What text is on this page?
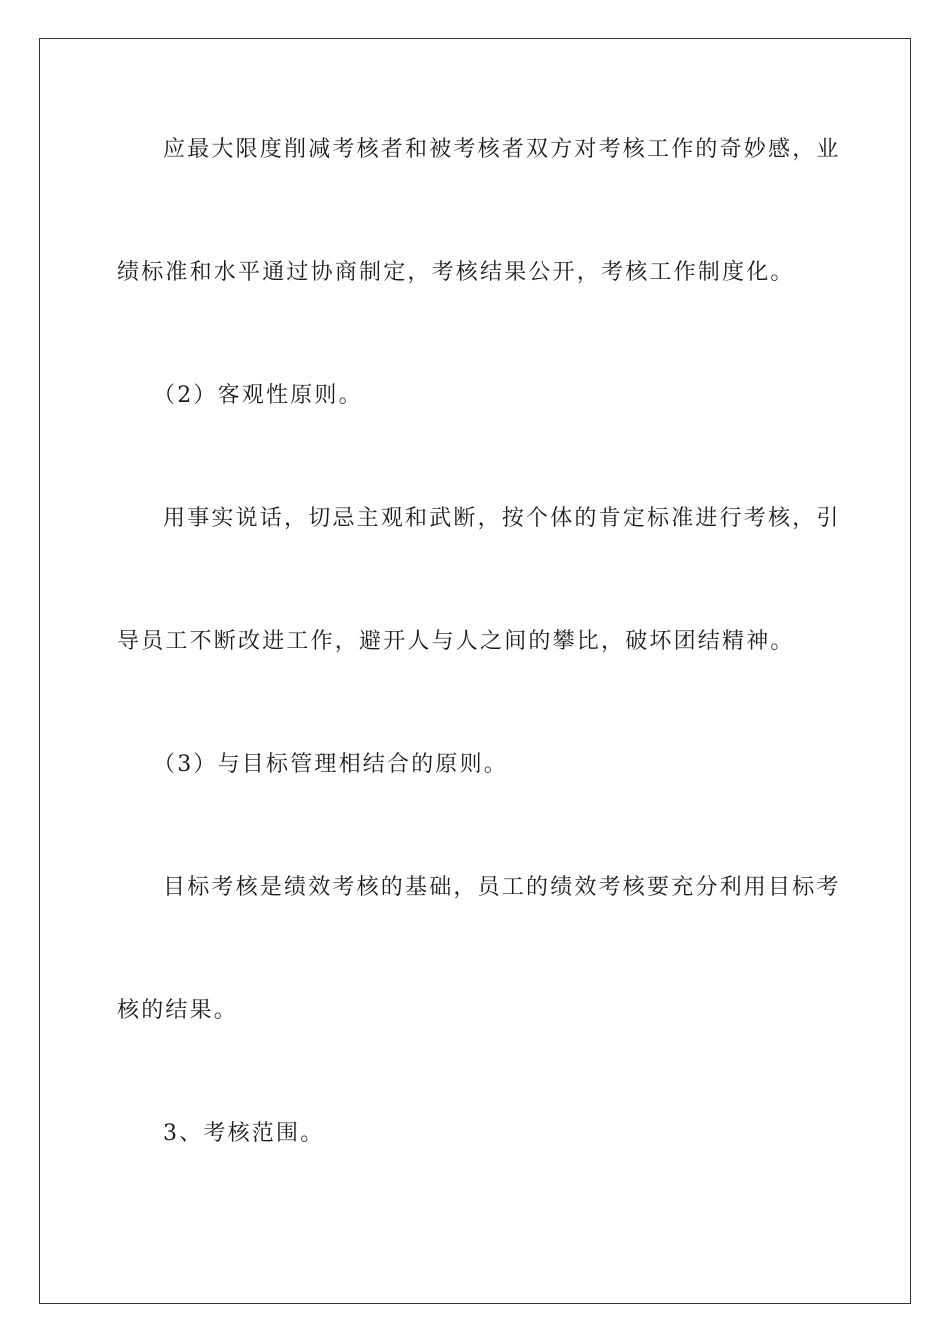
应最大限度削减考核者和被考核者双方对考核工作的奇妙感，业
绩标准和水平通过协商制定，考核结果公开，考核工作制度化。
（2）客观性原则。
用事实说话，切忌主观和武断，按个体的肯定标准进行考核，引
导员工不断改进工作，避开人与人之间的攀比，破坏团结精神。
（3）与目标管理相结合的原则。
目标考核是绩效考核的基础，员工的绩效考核要充分利用目标考
核的结果。
3、考核范围。
